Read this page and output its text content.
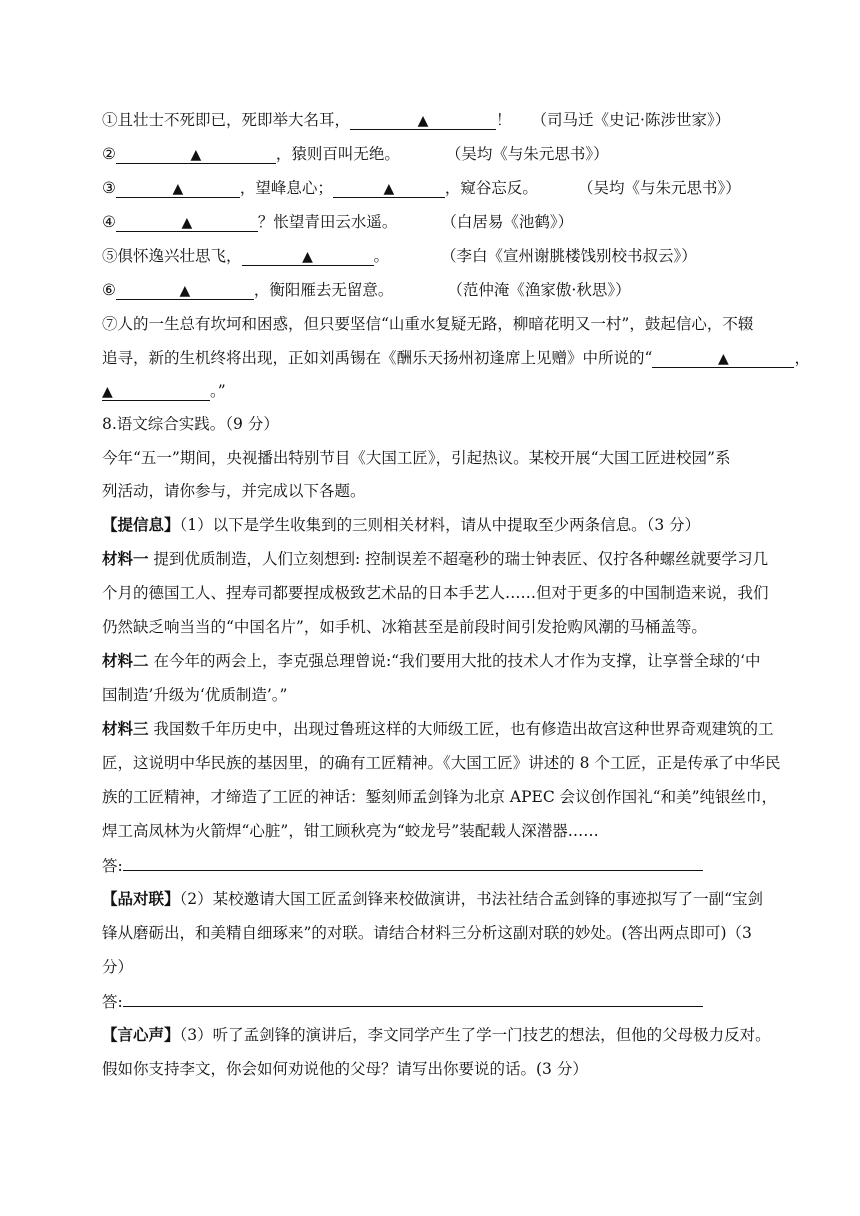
①且壮士不死即已，死即举大名耳，	▲	！ （司马迁《史记·陈涉世家》）
②	▲	，猿则百叫无绝。	（吴均《与朱元思书》）
③	▲	，望峰息心；	▲	，窥谷忘反。	（吴均《与朱元思书》）
④	▲	？怅望青田云水遥。	（白居易《池鹤》）
⑤俱怀逸兴壮思飞，	▲	。	（李白《宣州谢朓楼饯别校书叔云》）
⑥	▲	，衡阳雁去无留意。	（范仲淹《渔家傲·秋思》）
⑦人的一生总有坎坷和困惑，但只要坚信“山重水复疑无路，柳暗花明又一村”，鼓起信心，不辍
追寻，新的生机终将出现，正如刘禹锡在《酬乐天扬州初逢席上见赠》中所说的“	▲	，
▲	。”
8.语文综合实践。（9 分）
今年“五一”期间，央视播出特别节目《大国工匠》，引起热议。某校开展“大国工匠进校园”系
列活动，请你参与，并完成以下各题。
【提信息】（1）以下是学生收集到的三则相关材料，请从中提取至少两条信息。（3 分）
材料一 提到优质制造，人们立刻想到: 控制误差不超毫秒的瑞士钟表匠、仅拧各种螺丝就要学习几
个月的德国工人、捏寿司都要捏成极致艺术品的日本手艺人……但对于更多的中国制造来说，我们
仍然缺乏响当当的“中国名片”，如手机、冰箱甚至是前段时间引发抢购风潮的马桶盖等。
材料二 在今年的两会上，李克强总理曾说:“我们要用大批的技术人才作为支撑，让享誉全球的‘中
国制造’升级为‘优质制造’。”
材料三 我国数千年历史中，出现过鲁班这样的大师级工匠，也有修造出故宫这种世界奇观建筑的工
匠，这说明中华民族的基因里，的确有工匠精神。《大国工匠》讲述的 8 个工匠，正是传承了中华民
族的工匠精神，才缔造了工匠的神话：錾刻师孟剑锋为北京 APEC 会议创作国礼“和美”纯银丝巾，
焊工高凤林为火箭焊“心脏”，钳工顾秋亮为“蛟龙号”装配载人深潜器……
答:
【品对联】（2）某校邀请大国工匠孟剑锋来校做演讲，书法社结合孟剑锋的事迹拟写了一副“宝剑
锋从磨砺出，和美精自细琢来”的对联。请结合材料三分析这副对联的妙处。(答出两点即可)（3
分）
答:
【言心声】（3）听了孟剑锋的演讲后，李文同学产生了学一门技艺的想法，但他的父母极力反对。
假如你支持李文，你会如何劝说他的父母？请写出你要说的话。(3 分）
